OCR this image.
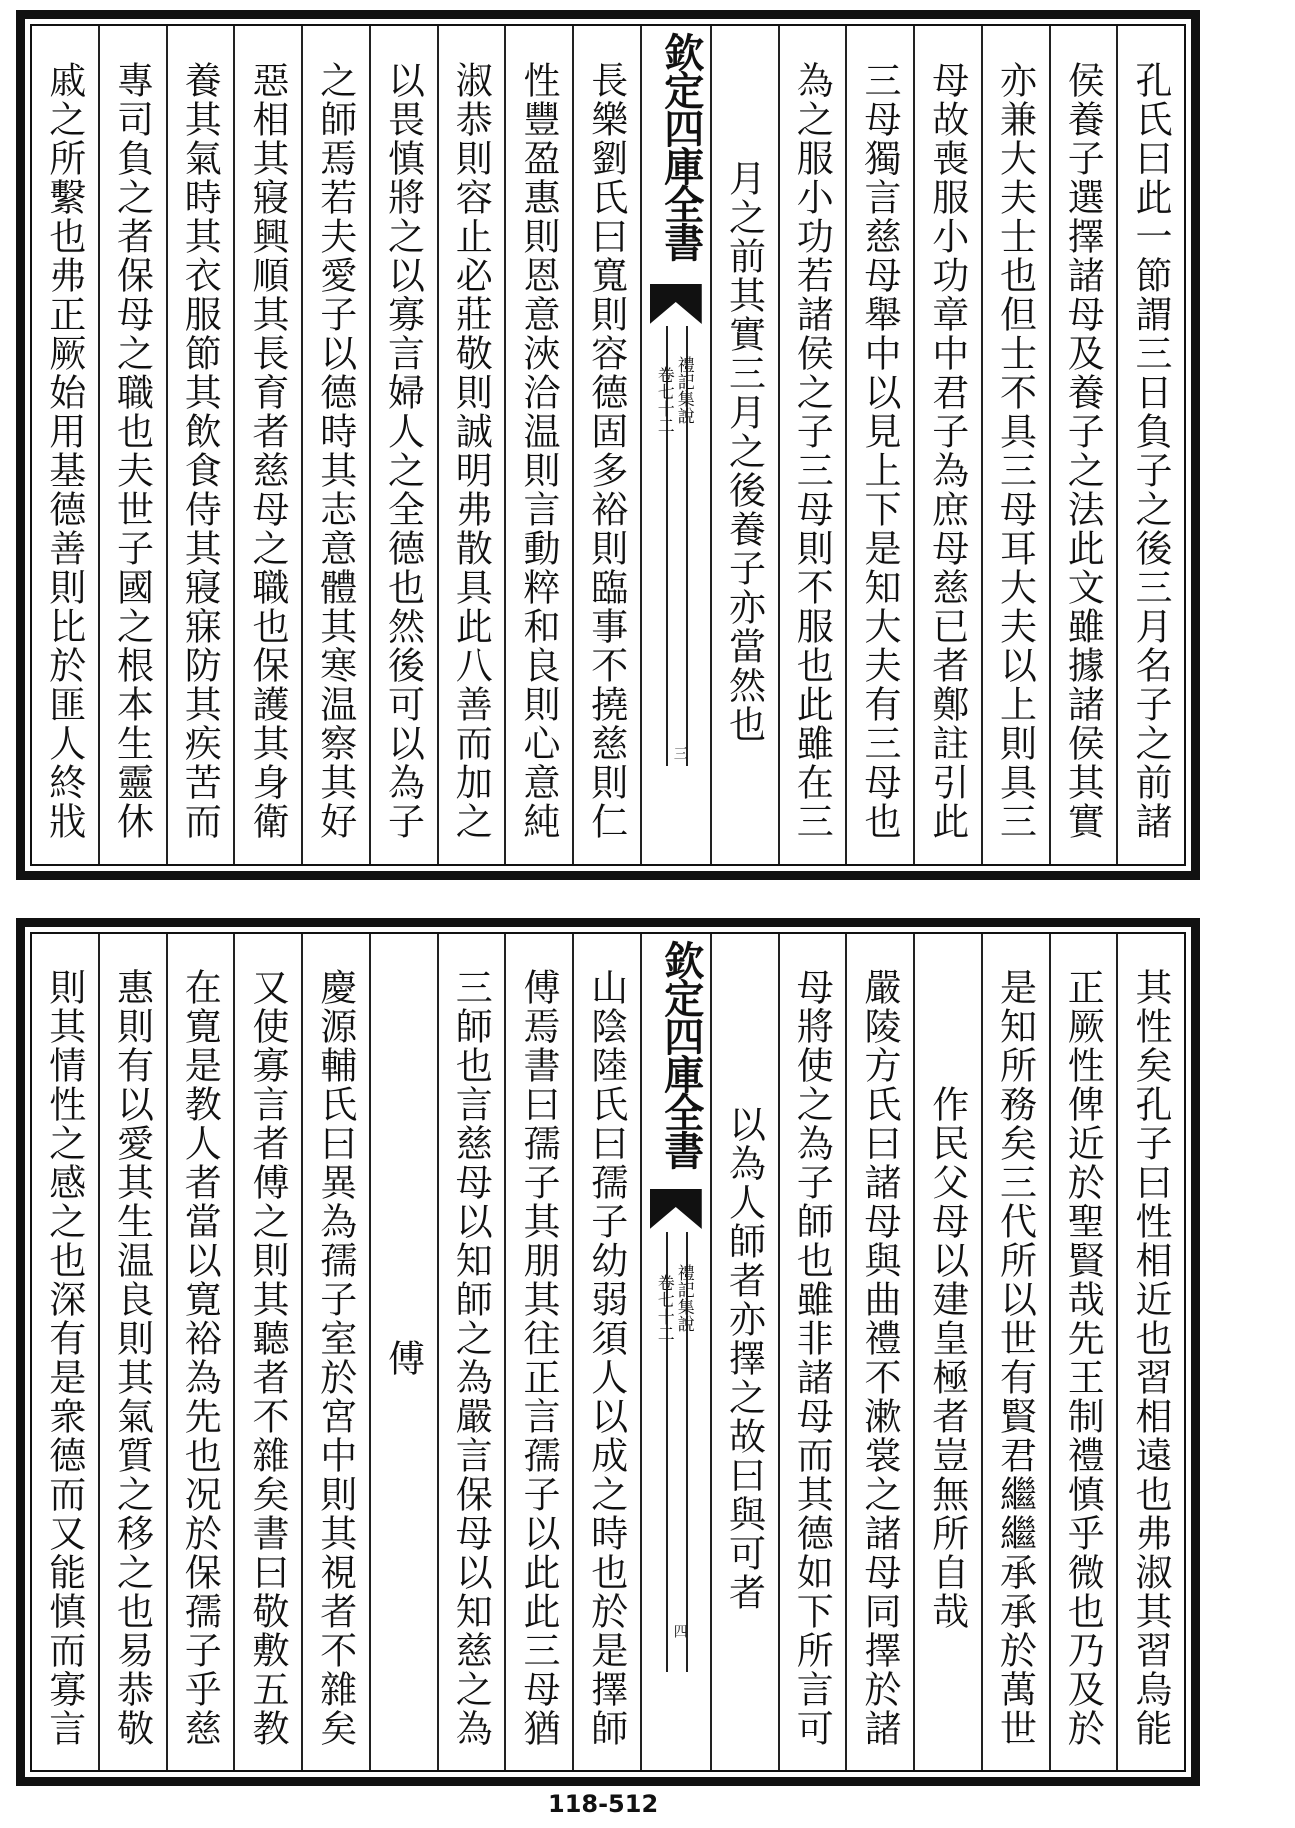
孔氏曰此一節謂三日負子之後三月名子之前諸
侯養子選擇諸母及養子之法此文雖據諸侯其實
亦兼大夫士也但士不具三母耳大夫以上則具三
母故喪服小功章中君子為庶母慈已者鄭註引此
三母獨言慈母舉中以見上下是知大夫有三母也
為之服小功若諸侯之子三母則不服也此雖在三
月之前其實三月之後養子亦當然也
欽定四庫全書
禮記集說
卷七十二
三
長樂劉氏曰寬則容德固多裕則臨事不撓慈則仁
性豐盈惠則恩意浹洽温則言動粹和良則心意純
淑恭則容止必莊敬則誠明弗散具此八善而加之
以畏慎將之以寡言婦人之全德也然後可以為子
之師焉若夫愛子以德時其志意體其寒温察其好
惡相其寢興順其長育者慈母之職也保護其身衛
養其氣時其衣服節其飲食侍其寢寐防其疾苦而
專司負之者保母之職也夫世子國之根本生靈休
戚之所繫也弗正厥始用基德善則比於匪人終戕
其性矣孔子曰性相近也習相遠也弗淑其習烏能
正厥性俾近於聖賢哉先王制禮慎乎微也乃及於
是知所務矣三代所以世有賢君繼繼承承於萬世
作民父母以建皇極者豈無所自哉
嚴陵方氏曰諸母與曲禮不漱裳之諸母同擇於諸
母將使之為子師也雖非諸母而其德如下所言可
以為人師者亦擇之故曰與可者
欽定四庫全書
禮記集說
卷七十二
四
山陰陸氏曰孺子幼弱須人以成之時也於是擇師
傅焉書曰孺子其朋其往正言孺子以此此三母猶
三師也言慈母以知師之為嚴言保母以知慈之為
傅
慶源輔氏曰異為孺子室於宮中則其視者不雜矣
又使寡言者傅之則其聽者不雜矣書曰敬敷五教
在寛是教人者當以寛裕為先也况於保孺子乎慈
惠則有以愛其生温良則其氣質之移之也易恭敬
則其情性之感之也深有是衆德而又能慎而寡言
118-512
